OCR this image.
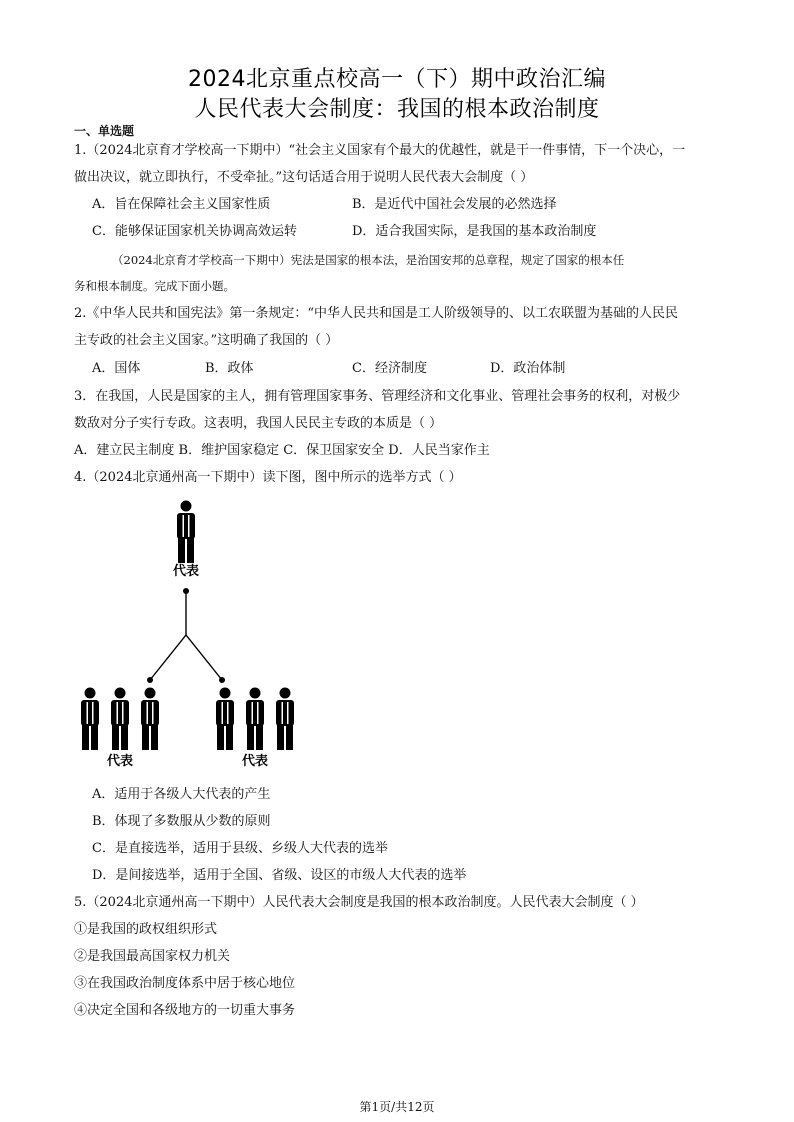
2024北京重点校高一（下）期中政治汇编
人民代表大会制度：我国的根本政治制度
一、单选题
1.（2024北京育才学校高一下期中）“社会主义国家有个最大的优越性，就是干一件事情，下一个决心，一
做出决议，就立即执行，不受牵扯。”这句话适合用于说明人民代表大会制度（ ）
A．旨在保障社会主义国家性质	B．是近代中国社会发展的必然选择
C．能够保证国家机关协调高效运转	D．适合我国实际，是我国的基本政治制度
（2024北京育才学校高一下期中）宪法是国家的根本法，是治国安邦的总章程，规定了国家的根本任
务和根本制度。完成下面小题。
2.《中华人民共和国宪法》第一条规定：“中华人民共和国是工人阶级领导的、以工农联盟为基础的人民民
主专政的社会主义国家。”这明确了我国的（ ）
A．国体	B．政体	C．经济制度	D．政治体制
3．在我国，人民是国家的主人，拥有管理国家事务、管理经济和文化事业、管理社会事务的权利，对极少
数敌对分子实行专政。这表明，我国人民民主专政的本质是（ ）
A．建立民主制度 B．维护国家稳定 C．保卫国家安全 D．人民当家作主
4.（2024北京通州高一下期中）读下图，图中所示的选举方式（ ）
代表
代表	代表
A．适用于各级人大代表的产生
B．体现了多数服从少数的原则
C．是直接选举，适用于县级、乡级人大代表的选举
D．是间接选举，适用于全国、省级、设区的市级人大代表的选举
5.（2024北京通州高一下期中）人民代表大会制度是我国的根本政治制度。人民代表大会制度（ ）
①是我国的政权组织形式
②是我国最高国家权力机关
③在我国政治制度体系中居于核心地位
④决定全国和各级地方的一切重大事务
第1页/共12页
